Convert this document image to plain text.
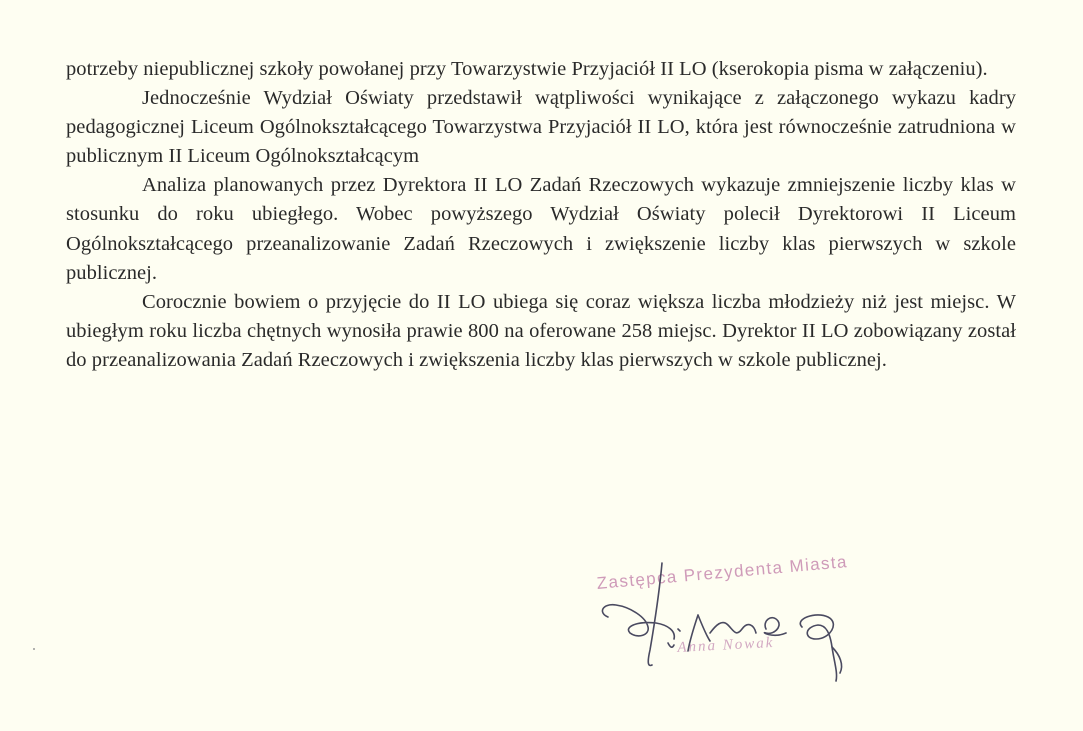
potrzeby niepublicznej szkoły powołanej przy Towarzystwie Przyjaciół II LO (kserokopia pisma w załączeniu).

Jednocześnie Wydział Oświaty przedstawił wątpliwości wynikające z załączonego wykazu kadry pedagogicznej Liceum Ogólnokształcącego Towarzystwa Przyjaciół II LO, która jest równocześnie zatrudniona w publicznym II Liceum Ogólnokształcącym

Analiza planowanych przez Dyrektora II LO Zadań Rzeczowych wykazuje zmniejszenie liczby klas w stosunku do roku ubiegłego. Wobec powyższego Wydział Oświaty polecił Dyrektorowi II Liceum Ogólnokształcącego przeanalizowanie Zadań Rzeczowych i zwiększenie liczby klas pierwszych w szkole publicznej.

Corocznie bowiem o przyjęcie do II LO ubiega się coraz większa liczba młodzieży niż jest miejsc. W ubiegłym roku liczba chętnych wynosiła prawie 800 na oferowane 258 miejsc. Dyrektor II LO zobowiązany został do przeanalizowania Zadań Rzeczowych i zwiększenia liczby klas pierwszych w szkole publicznej.

Zastępca Prezydenta Miasta
Anna Nowak
